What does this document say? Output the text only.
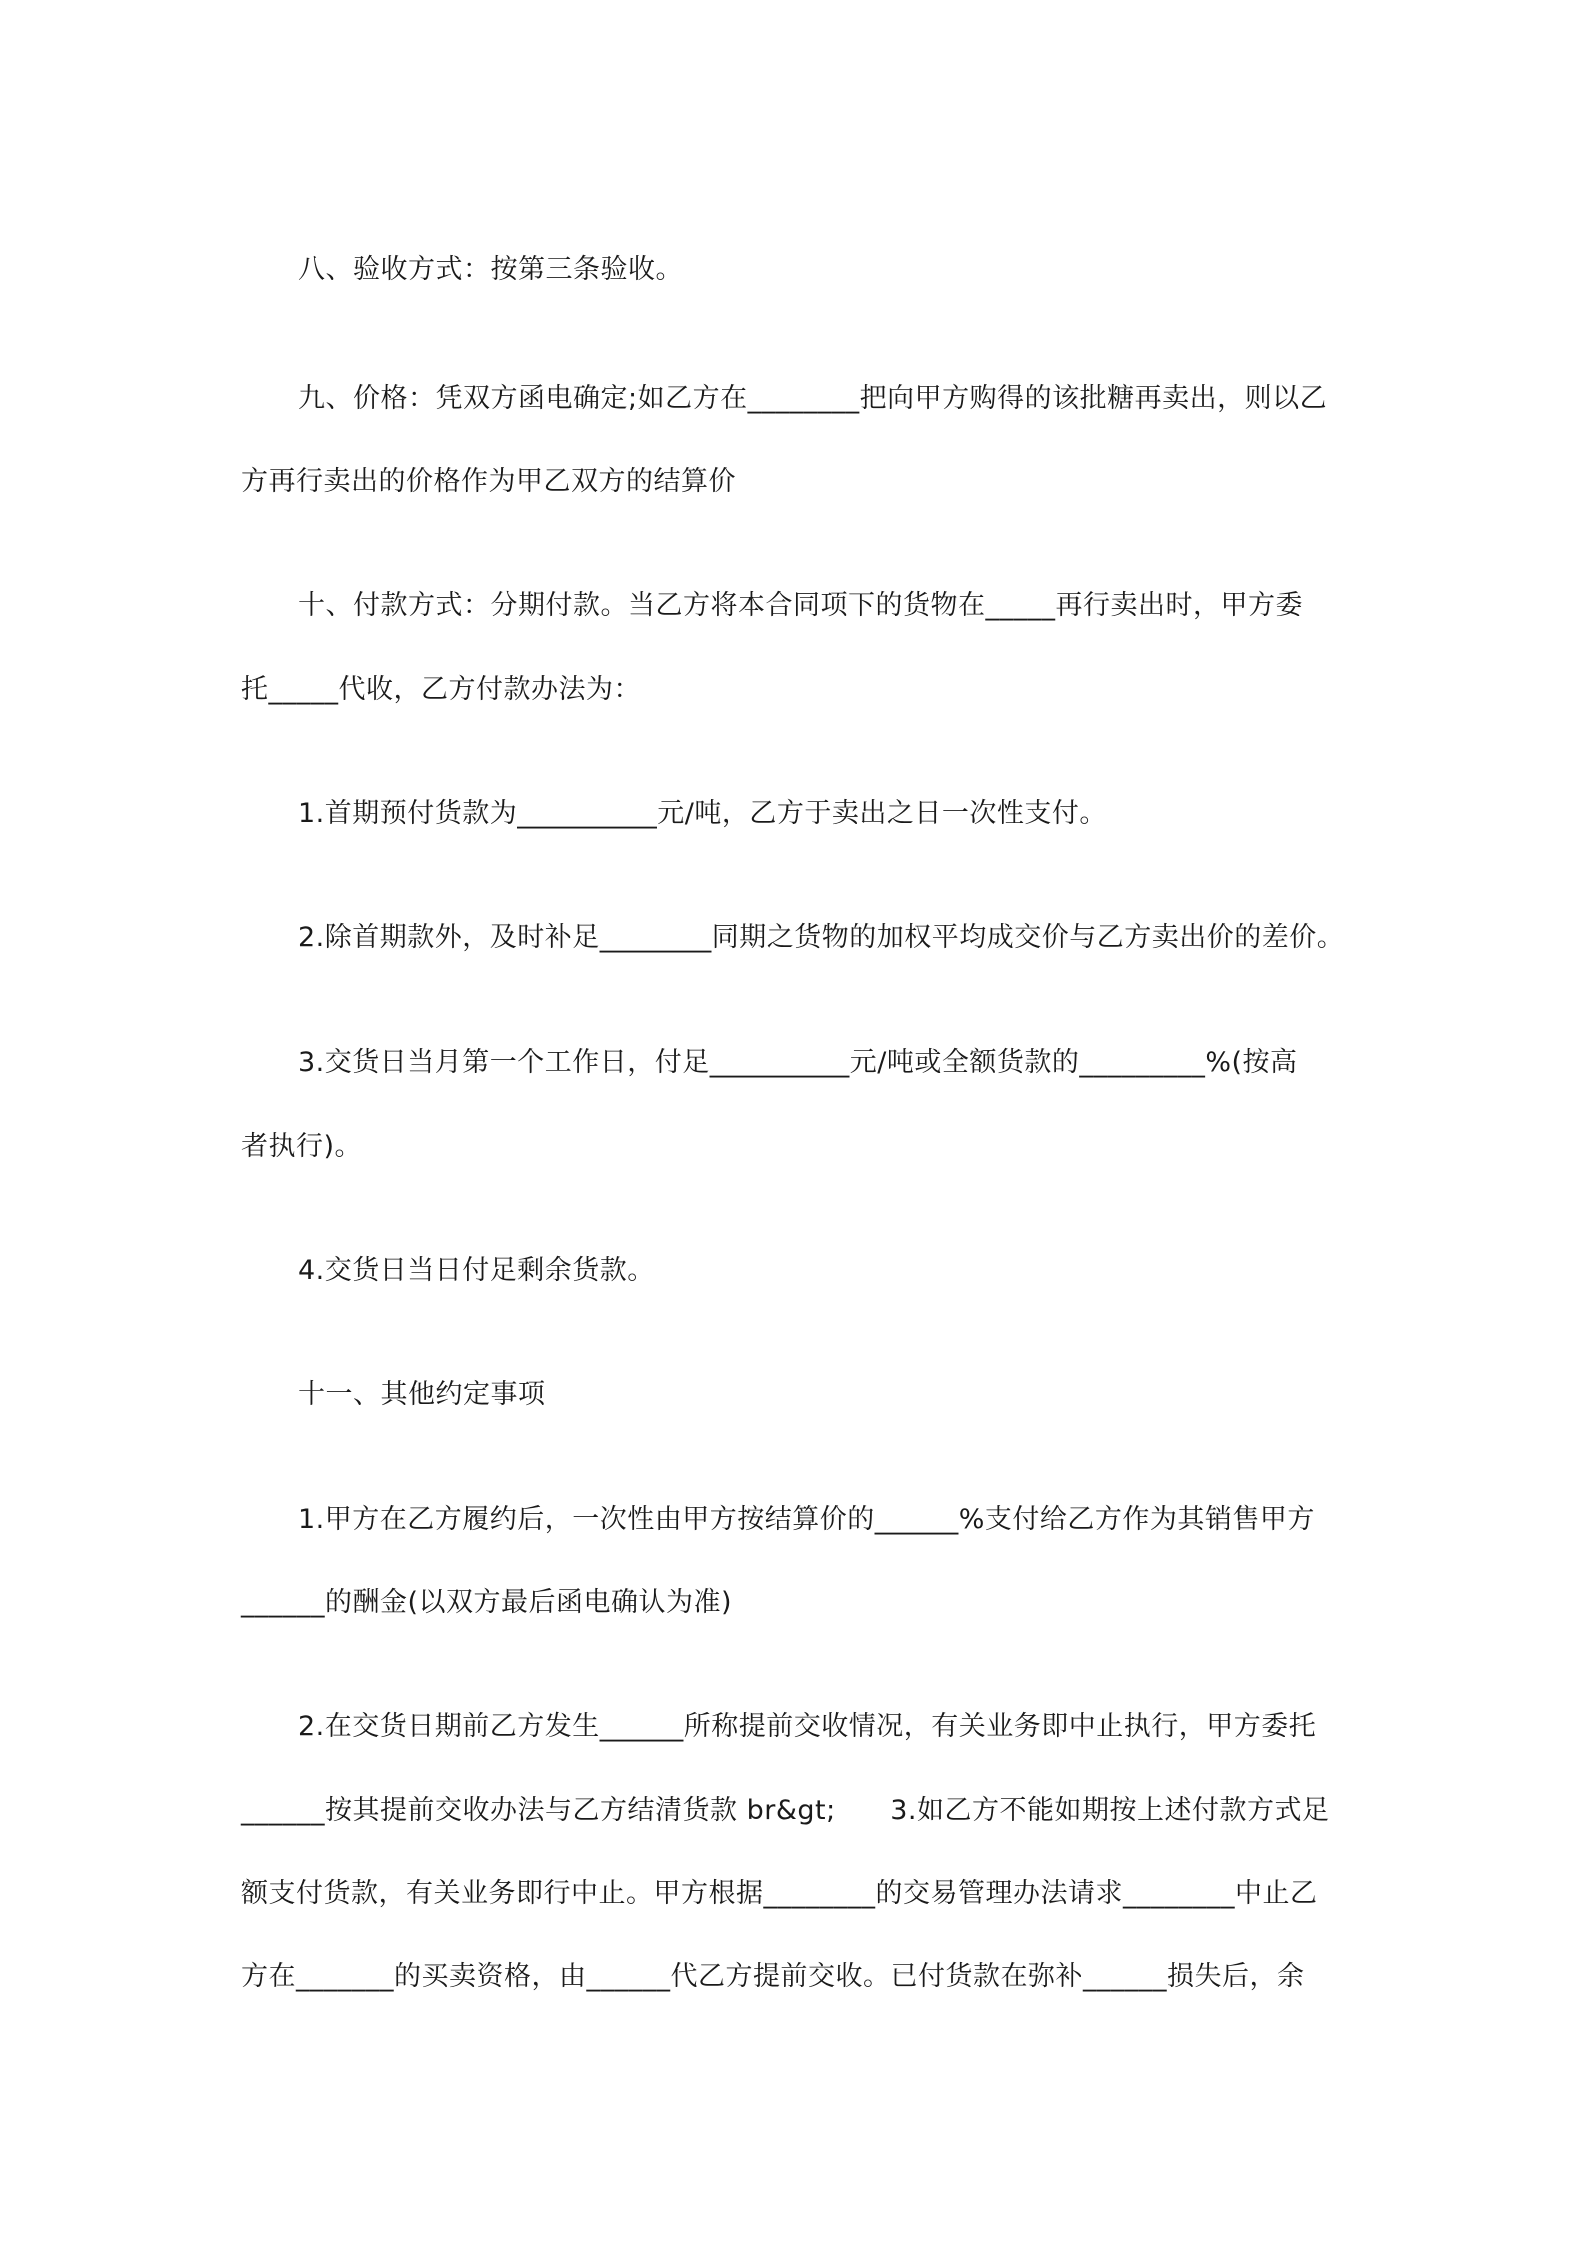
八、验收方式：按第三条验收。
九、价格：凭双方函电确定;如乙方在________把向甲方购得的该批糖再卖出，则以乙
方再行卖出的价格作为甲乙双方的结算价
十、付款方式：分期付款。当乙方将本合同项下的货物在_____再行卖出时，甲方委
托_____代收，乙方付款办法为：
1.首期预付货款为__________元/吨，乙方于卖出之日一次性支付。
2.除首期款外，及时补足________同期之货物的加权平均成交价与乙方卖出价的差价。
3.交货日当月第一个工作日，付足__________元/吨或全额货款的_________%(按高
者执行)。
4.交货日当日付足剩余货款。
十一、其他约定事项
1.甲方在乙方履约后，一次性由甲方按结算价的______%支付给乙方作为其销售甲方
______的酬金(以双方最后函电确认为准)
2.在交货日期前乙方发生______所称提前交收情况，有关业务即中止执行，甲方委托
______按其提前交收办法与乙方结清货款 br&gt;      3.如乙方不能如期按上述付款方式足
额支付货款，有关业务即行中止。甲方根据________的交易管理办法请求________中止乙
方在_______的买卖资格，由______代乙方提前交收。已付货款在弥补______损失后，余
